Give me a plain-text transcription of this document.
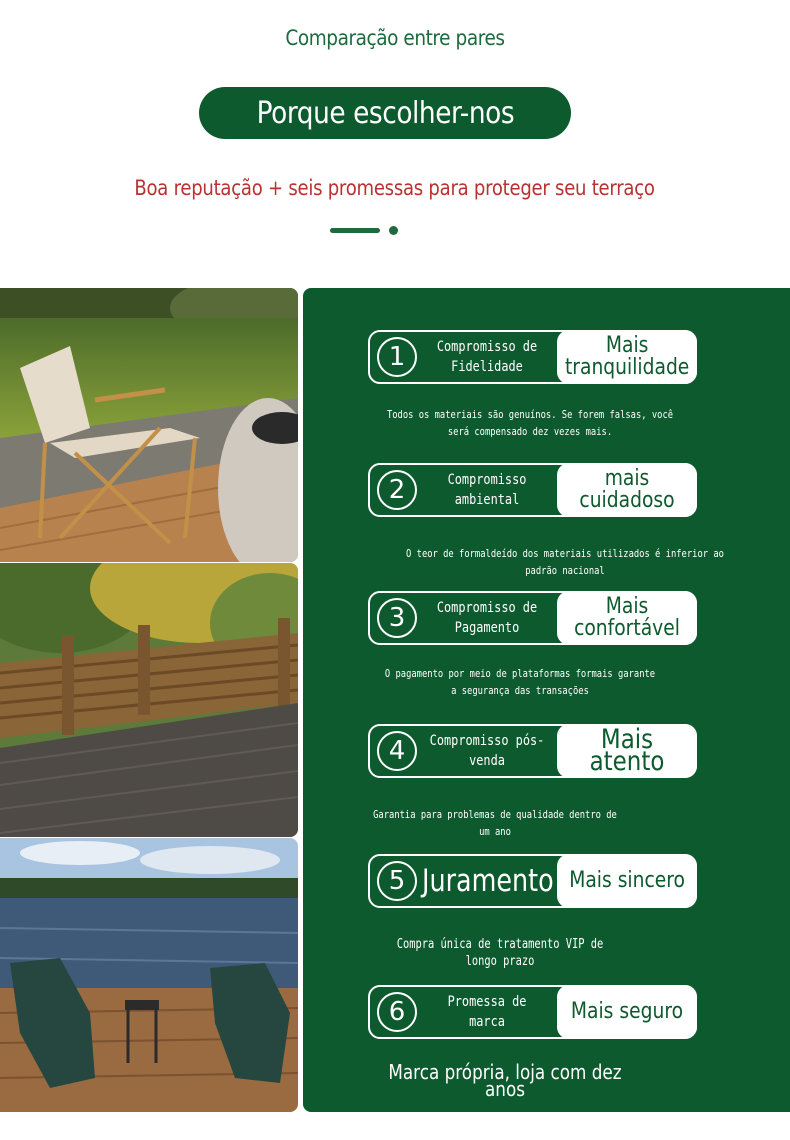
Comparação entre pares
Porque escolher-nos
Boa reputação + seis promessas para proteger seu terraço
1	Compromisso de Fidelidade
Mais tranquilidade
Todos os materiais são genuínos. Se forem falsas, você será compensado dez vezes mais.
2	Compromisso ambiental
mais cuidadoso
O teor de formaldeído dos materiais utilizados é inferior ao padrão nacional
3	Compromisso de Pagamento
Mais confortável
O pagamento por meio de plataformas formais garante a segurança das transações
4	Compromisso pós-venda
Mais atento
Garantia para problemas de qualidade dentro de um ano
5 Juramento Mais sincero
Compra única de tratamento VIP de longo prazo
6	Promessa de marca	Mais seguro
Marca própria, loja com dez anos
